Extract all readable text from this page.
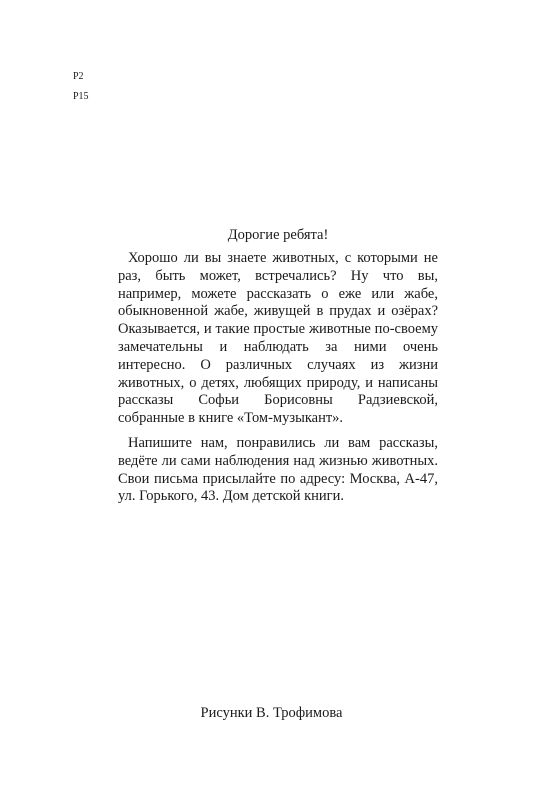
P2
P15
Дорогие ребята!

Хорошо ли вы знаете животных, с которыми не раз, быть может, встречались? Ну что вы, например, можете рассказать о еже или жабе, обыкновенной жабе, живущей в прудах и озёрах? Оказывается, и такие простые животные по-своему замечательны и наблюдать за ними очень интересно. О различных случаях из жизни животных, о детях, любящих природу, и написаны рассказы Софьи Борисовны Радзиевской, собранные в книге «Том-музыкант».

Напишите нам, понравились ли вам рассказы, ведёте ли сами наблюдения над жизнью животных. Свои письма присылайте по адресу: Москва, А-47, ул. Горького, 43. Дом детской книги.

Рисунки В. Трофимова
